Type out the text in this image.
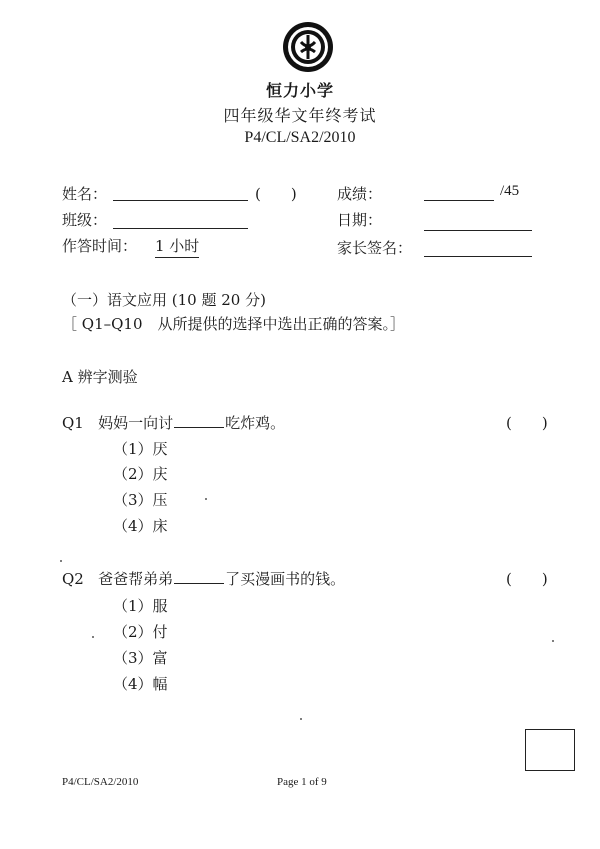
恒力小学
四年级华文年终考试
P4/CL/SA2/2010
姓名：	(　　)	成绩：	/45
班级：	日期：
作答时间： 1 小时	家长签名：
（一）语文应用 (10 题 20 分)
［ Q1–Q10　从所提供的选择中选出正确的答案。］
A 辨字测验
Q1 妈妈一向讨	吃炸鸡。	(　　)
（1）厌
（2）庆
（3）压
（4）床
Q2 爸爸帮弟弟	了买漫画书的钱。	(　　)
（1）服
（2）付
（3）富
（4）幅
P4/CL/SA2/2010	Page 1 of 9
